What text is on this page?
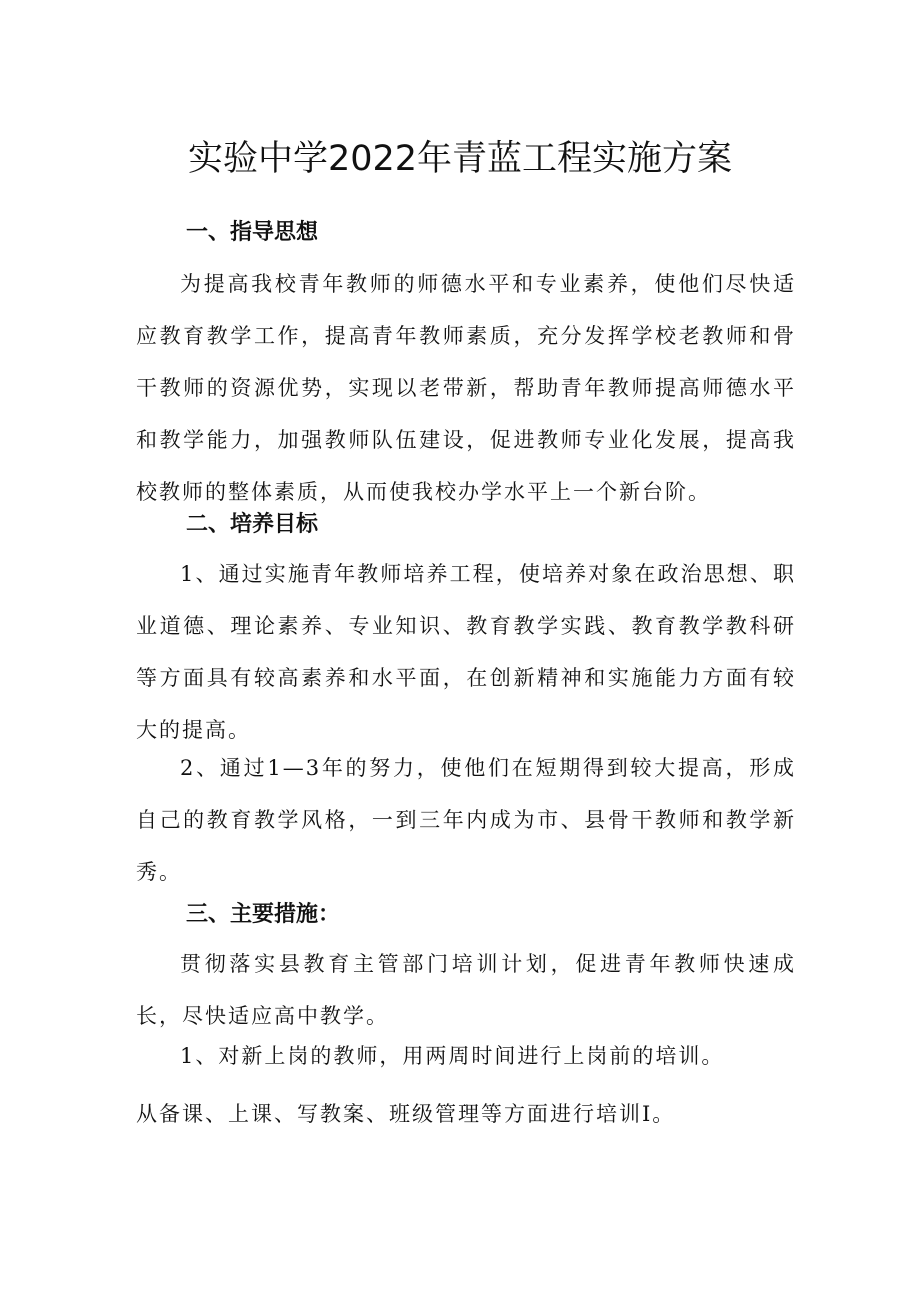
实验中学2022年青蓝工程实施方案
一、指导思想

为提高我校青年教师的师德水平和专业素养，使他们尽快适应教育教学工作，提高青年教师素质，充分发挥学校老教师和骨干教师的资源优势，实现以老带新，帮助青年教师提高师德水平和教学能力，加强教师队伍建设，促进教师专业化发展，提高我校教师的整体素质，从而使我校办学水平上一个新台阶。

二、培养目标

1、通过实施青年教师培养工程，使培养对象在政治思想、职业道德、理论素养、专业知识、教育教学实践、教育教学教科研等方面具有较高素养和水平面，在创新精神和实施能力方面有较大的提高。

2、通过1—3年的努力，使他们在短期得到较大提高，形成自己的教育教学风格，一到三年内成为市、县骨干教师和教学新秀。

三、主要措施：

贯彻落实县教育主管部门培训计划，促进青年教师快速成长，尽快适应高中教学。

1、对新上岗的教师，用两周时间进行上岗前的培训。

从备课、上课、写教案、班级管理等方面进行培训Ⅰ。
